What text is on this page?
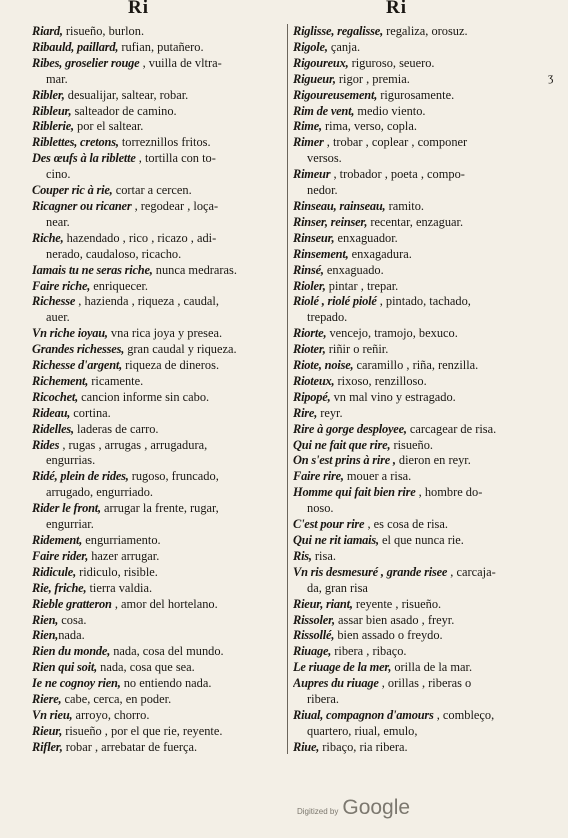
Ri	Ri
ʒ
Riard, risueño, burlon.
Ribauld, paillard, rufian, putañero.
Ribes, groselier rouge , vuilla de vltra-
mar.
Ribler, desualijar, saltear, robar.
Ribleur, salteador de camino.
Riblerie, por el saltear.
Riblettes, cretons, torreznillos fritos.
Des œufs à la riblette , tortilla con to-
cino.
Couper ric à rie, cortar a cercen.
Ricagner ou ricaner , regodear , loça-
near.
Riche, hazendado , rico , ricazo , adi-
nerado, caudaloso, ricacho.
Iamais tu ne seras riche, nunca medraras.
Faire riche, enriquecer.
Richesse , hazienda , riqueza , caudal,
auer.
Vn riche ioyau, vna rica joya y presea.
Grandes richesses, gran caudal y riqueza.
Richesse d'argent, riqueza de dineros.
Richement, ricamente.
Ricochet, cancion informe sin cabo.
Rideau, cortina.
Ridelles, laderas de carro.
Rides , rugas , arrugas , arrugadura,
engurrias.
Ridé, plein de rides, rugoso, fruncado,
arrugado, engurriado.
Rider le front, arrugar la frente, rugar,
engurriar.
Ridement, engurriamento.
Faire rider, hazer arrugar.
Ridicule, ridiculo, risible.
Rie, friche, tierra valdia.
Rieble gratteron , amor del hortelano.
Rien, cosa.
Rien,nada.
Rien du monde, nada, cosa del mundo.
Rien qui soit, nada, cosa que sea.
Ie ne cognoy rien, no entiendo nada.
Riere, cabe, cerca, en poder.
Vn rieu, arroyo, chorro.
Rieur, risueño , por el que rie, reyente.
Rifler, robar , arrebatar de fuerça.
Riglisse, regalisse, regaliza, orosuz.
Rigole, çanja.
Rigoureux, rigurosо, seuero.
Rigueur, rigor , premia.
Rigoureusement, rigurosamente.
Rim de vent, medio viento.
Rime, rima, verso, copla.
Rimer , trobar , coplear , componer
versos.
Rimeur , trobador , poeta , compo-
nedor.
Rinseau, rainseau, ramito.
Rinser, reinser, recentar, enzaguar.
Rinseur, enxaguador.
Rinsement, enxagadura.
Rinsé, enxaguado.
Rioler, pintar , trepar.
Riolé , riolé piolé , pintado, tachado,
trepado.
Riorte, vencejo, tramojo, bexuco.
Rioter, riñir o reñir.
Riote, noise, caramillo , riña, renzilla.
Rioteux, rixoso, renzilloso.
Ripopé, vn mal vino y estragado.
Rire, reyr.
Rire à gorge desployee, carcagear de risa.
Qui ne fait que rire, risueño.
On s'est prins à rire , dieron en reyr.
Faire rire, mouer a risa.
Homme qui fait bien rire , hombre do-
noso.
C'est pour rire , es cosa de risa.
Qui ne rit iamais, el que nunca rie.
Ris, risa.
Vn ris desmesuré , grande risee , carcaja-
da, gran risa
Rieur, riant, reyente , risueño.
Rissoler, assar bien asado , freyr.
Rissollé, bien assado o freydo.
Riuage, ribera , ribaço.
Le riuage de la mer, orilla de la mar.
Aupres du riuage , orillas , riberas o
ribera.
Riual, compagnon d'amours , combleço,
quartero, riual, emulo,
Riue, ribaço, ria ribera.
Digitized by Google
